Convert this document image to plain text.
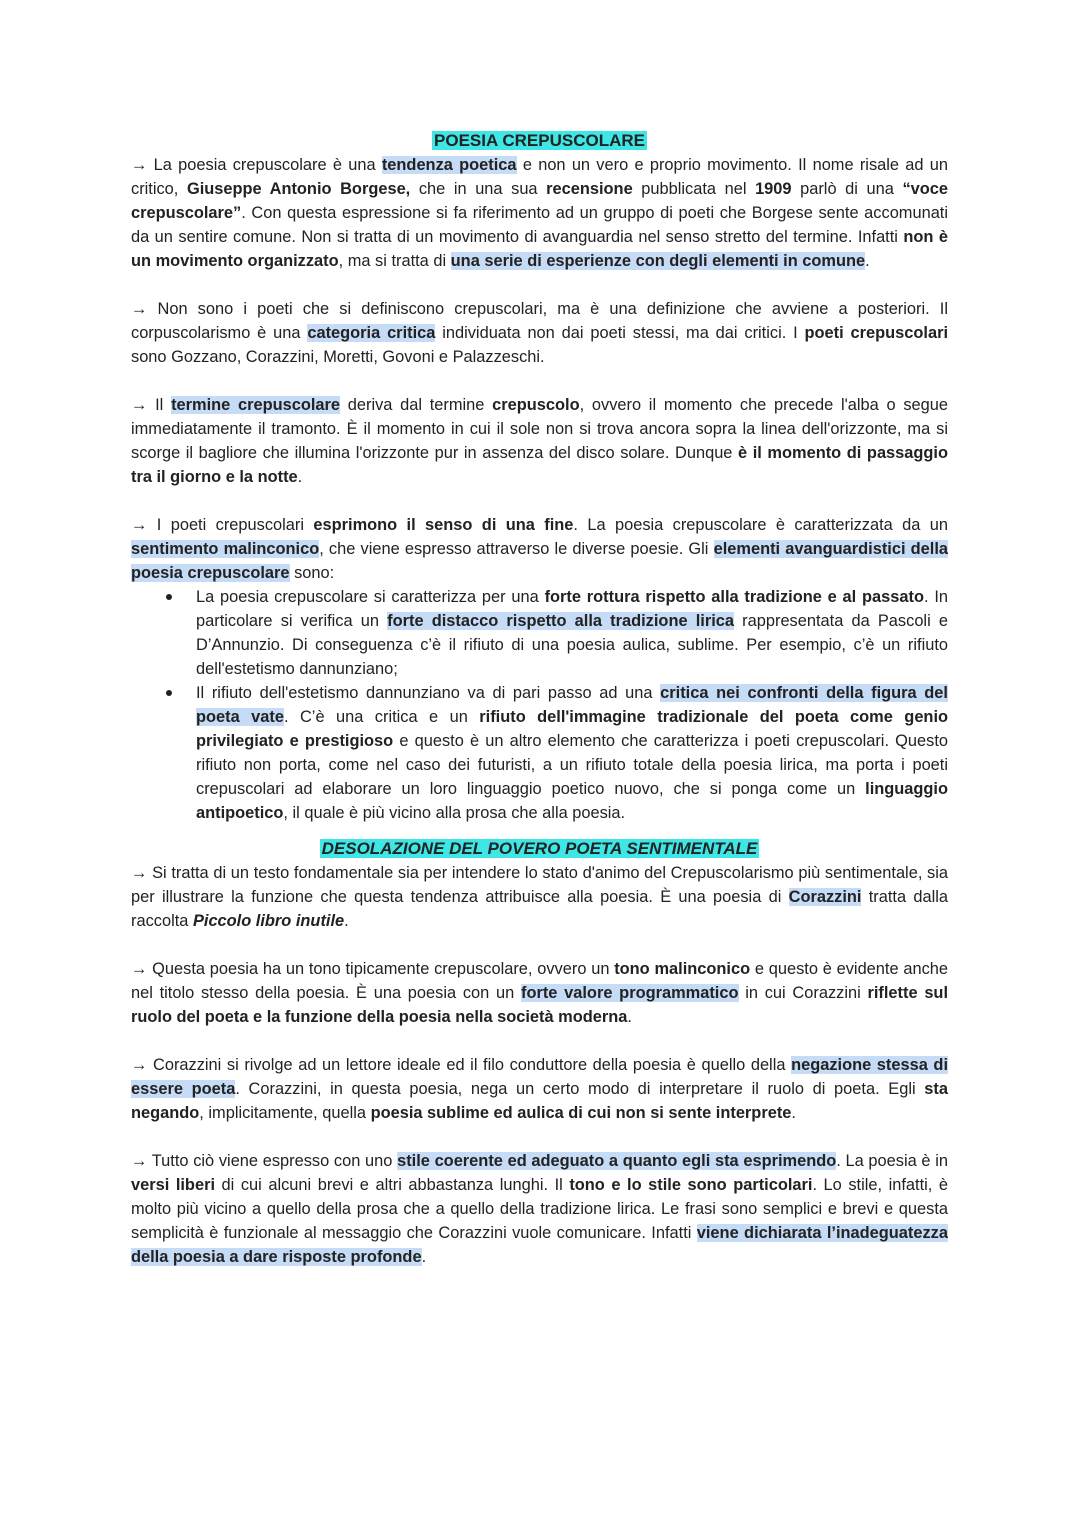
POESIA CREPUSCOLARE

→ La poesia crepuscolare è una tendenza poetica e non un vero e proprio movimento. Il nome risale ad un critico, Giuseppe Antonio Borgese, che in una sua recensione pubblicata nel 1909 parlò di una “voce crepuscolare”. Con questa espressione si fa riferimento ad un gruppo di poeti che Borgese sente accomunati da un sentire comune. Non si tratta di un movimento di avanguardia nel senso stretto del termine. Infatti non è un movimento organizzato, ma si tratta di una serie di esperienze con degli elementi in comune.

→ Non sono i poeti che si definiscono crepuscolari, ma è una definizione che avviene a posteriori. Il corpuscolarismo è una categoria critica individuata non dai poeti stessi, ma dai critici. I poeti crepuscolari sono Gozzano, Corazzini, Moretti, Govoni e Palazzeschi.

→ Il termine crepuscolare deriva dal termine crepuscolo, ovvero il momento che precede l'alba o segue immediatamente il tramonto. È il momento in cui il sole non si trova ancora sopra la linea dell'orizzonte, ma si scorge il bagliore che illumina l'orizzonte pur in assenza del disco solare. Dunque è il momento di passaggio tra il giorno e la notte.

→ I poeti crepuscolari esprimono il senso di una fine. La poesia crepuscolare è caratterizzata da un sentimento malinconico, che viene espresso attraverso le diverse poesie. Gli elementi avanguardistici della poesia crepuscolare sono:

La poesia crepuscolare si caratterizza per una forte rottura rispetto alla tradizione e al passato. In particolare si verifica un forte distacco rispetto alla tradizione lirica rappresentata da Pascoli e D’Annunzio. Di conseguenza c’è il rifiuto di una poesia aulica, sublime. Per esempio, c’è un rifiuto dell'estetismo dannunziano;
Il rifiuto dell'estetismo dannunziano va di pari passo ad una critica nei confronti della figura del poeta vate. C’è una critica e un rifiuto dell'immagine tradizionale del poeta come genio privilegiato e prestigioso e questo è un altro elemento che caratterizza i poeti crepuscolari. Questo rifiuto non porta, come nel caso dei futuristi, a un rifiuto totale della poesia lirica, ma porta i poeti crepuscolari ad elaborare un loro linguaggio poetico nuovo, che si ponga come un linguaggio antipoetico, il quale è più vicino alla prosa che alla poesia.
DESOLAZIONE DEL POVERO POETA SENTIMENTALE

→ Si tratta di un testo fondamentale sia per intendere lo stato d'animo del Crepuscolarismo più sentimentale, sia per illustrare la funzione che questa tendenza attribuisce alla poesia. È una poesia di Corazzini tratta dalla raccolta Piccolo libro inutile.

→ Questa poesia ha un tono tipicamente crepuscolare, ovvero un tono malinconico e questo è evidente anche nel titolo stesso della poesia. È una poesia con un forte valore programmatico in cui Corazzini riflette sul ruolo del poeta e la funzione della poesia nella società moderna.

→ Corazzini si rivolge ad un lettore ideale ed il filo conduttore della poesia è quello della negazione stessa di essere poeta. Corazzini, in questa poesia, nega un certo modo di interpretare il ruolo di poeta. Egli sta negando, implicitamente, quella poesia sublime ed aulica di cui non si sente interprete.

→ Tutto ciò viene espresso con uno stile coerente ed adeguato a quanto egli sta esprimendo. La poesia è in versi liberi di cui alcuni brevi e altri abbastanza lunghi. Il tono e lo stile sono particolari. Lo stile, infatti, è molto più vicino a quello della prosa che a quello della tradizione lirica. Le frasi sono semplici e brevi e questa semplicità è funzionale al messaggio che Corazzini vuole comunicare. Infatti viene dichiarata l’inadeguatezza della poesia a dare risposte profonde.
